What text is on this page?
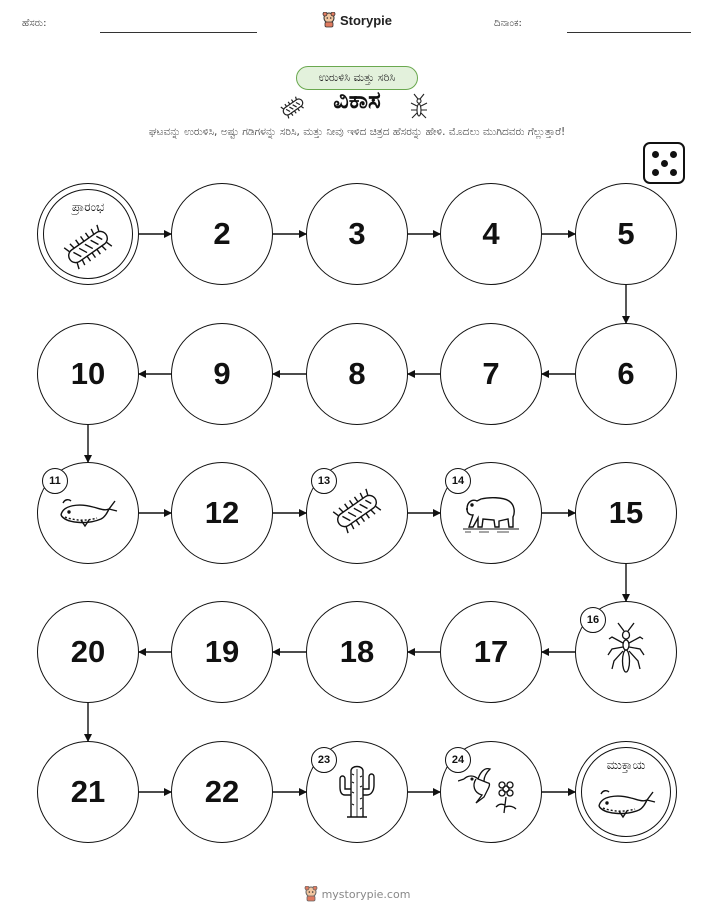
ಹೆಸರು:	Storypie	ದಿನಾಂಕ:
ಉರುಳಿಸಿ ಮತ್ತು ಸರಿಸಿ
ವಿಕಾಸ
ಘಟವನ್ನು ಉರುಳಿಸಿ, ಅಷ್ಟು ಗಡಿಗಳನ್ನು ಸರಿಸಿ, ಮತ್ತು ನೀವು ಇಳಿದ ಚಿತ್ರದ ಹೆಸರನ್ನು ಹೇಳಿ. ಮೊದಲು ಮುಗಿದವರು ಗೆಲ್ಲುತ್ತಾರೆ!
ಪ್ರಾರಂಭ
2	3	4	5
6
7
8
9
10
11
12
13	14
15
16
17
18
19
20
21	22
23	24	ಮುಕ್ತಾಯ
mystorypie.com
